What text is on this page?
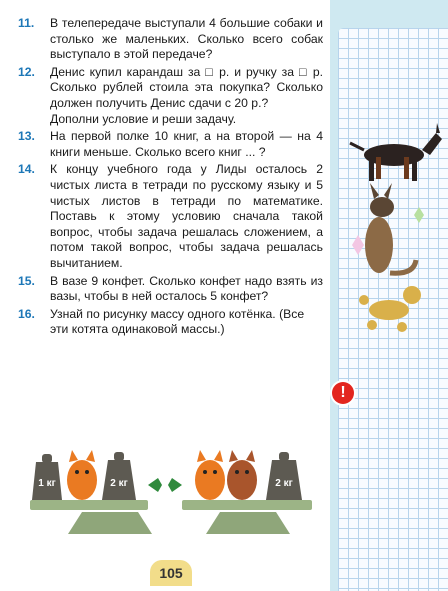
11.	В телепередаче выступали 4 большие собаки и столько же маленьких. Сколько всего собак выступало в этой передаче?

12.	Денис купил карандаш за □ р. и ручку за □ р. Сколько рублей стоила эта покупка? Сколько должен получить Денис сдачи с 20 р.?

Дополни условие и реши задачу.

13.	На первой полке 10 книг, а на второй — на 4 книги меньше. Сколько всего книг ... ?

14.	К концу учебного года у Лиды осталось 2 чистых листа в тетради по русскому языку и 5 чистых листов в тетради по математике. Поставь к этому условию сначала такой вопрос, чтобы задача решалась сложением, а потом такой вопрос, чтобы задача решалась вычитанием.

15.	В вазе 9 конфет. Сколько конфет надо взять из вазы, чтобы в ней осталось 5 конфет?

16.	Узнай по рисунку массу одного котёнка. (Все эти котята одинаковой массы.)

!
1 кг	2 кг	2 кг
105
